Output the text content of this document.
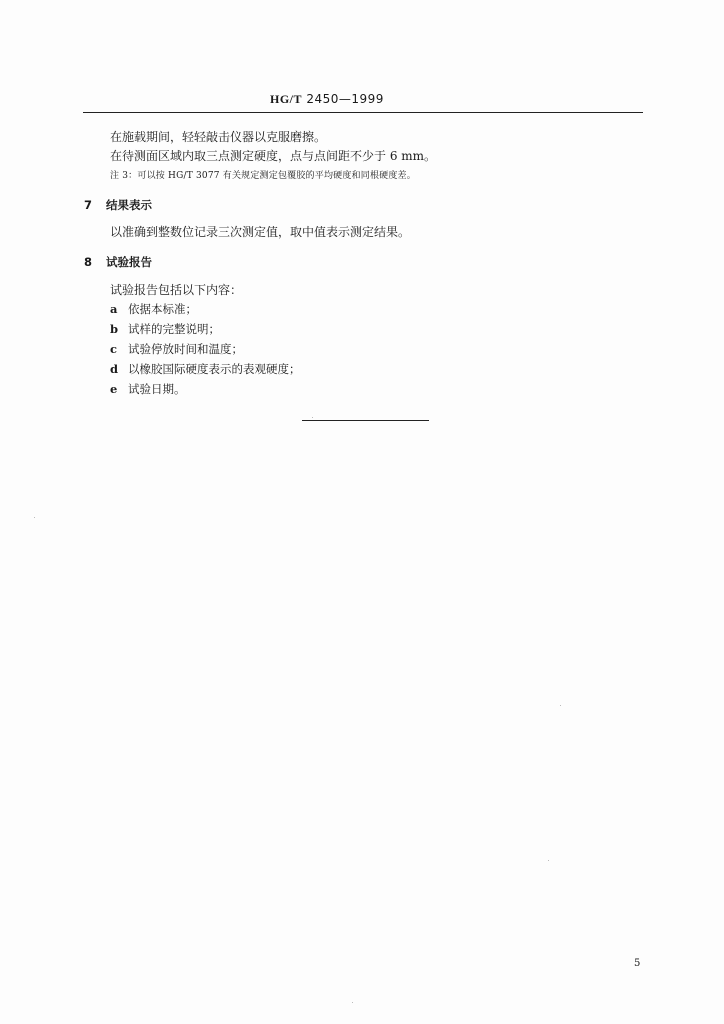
HG/T 2450—1999
在施载期间，轻轻敲击仪器以克服磨擦。
在待测面区域内取三点测定硬度，点与点间距不少于 6 mm。
注 3：可以按 HG/T 3077 有关规定测定包覆胶的平均硬度和同根硬度差。
7 结果表示
以准确到整数位记录三次测定值，取中值表示测定结果。
8 试验报告
试验报告包括以下内容：
a 依据本标准；
b 试样的完整说明；
c 试验停放时间和温度；
d 以橡胶国际硬度表示的表观硬度；
e 试验日期。
5
